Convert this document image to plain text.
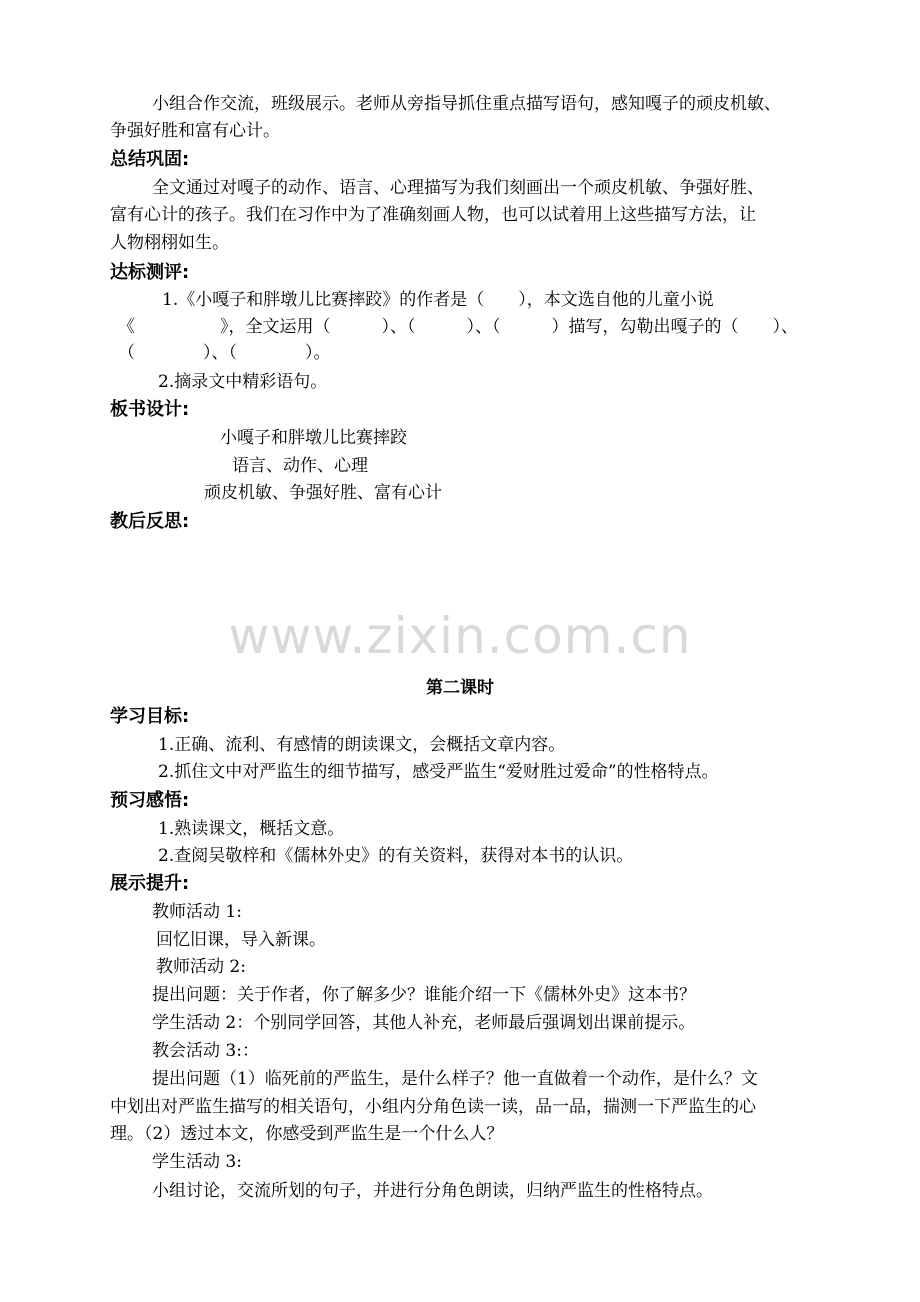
小组合作交流，班级展示。老师从旁指导抓住重点描写语句，感知嘎子的顽皮机敏、
争强好胜和富有心计。
总结巩固:
全文通过对嘎子的动作、语言、心理描写为我们刻画出一个顽皮机敏、争强好胜、
富有心计的孩子。我们在习作中为了准确刻画人物，也可以试着用上这些描写方法，让
人物栩栩如生。
达标测评:
1.《小嘎子和胖墩儿比赛摔跤》的作者是（　　），本文选自他的儿童小说
《　　　　　》，全文运用（　　　）、（　　　）、（　　　）描写，勾勒出嘎子的（　　）、
（　　　　）、（　　　　）。
2.摘录文中精彩语句。
板书设计:
小嘎子和胖墩儿比赛摔跤
语言、动作、心理
顽皮机敏、争强好胜、富有心计
教后反思:
www.zixin.com.cn
第二课时
学习目标:
1.正确、流利、有感情的朗读课文，会概括文章内容。
2.抓住文中对严监生的细节描写，感受严监生“爱财胜过爱命”的性格特点。
预习感悟:
1.熟读课文，概括文意。
2.查阅吴敬梓和《儒林外史》的有关资料，获得对本书的认识。
展示提升:
教师活动 1:
回忆旧课，导入新课。
教师活动 2:
提出问题：关于作者，你了解多少？谁能介绍一下《儒林外史》这本书？
学生活动 2：个别同学回答，其他人补充，老师最后强调划出课前提示。
教会活动 3:：
提出问题（1）临死前的严监生，是什么样子？他一直做着一个动作，是什么？文
中划出对严监生描写的相关语句，小组内分角色读一读，品一品，揣测一下严监生的心
理。（2）透过本文，你感受到严监生是一个什么人？
学生活动 3:
小组讨论，交流所划的句子，并进行分角色朗读，归纳严监生的性格特点。
